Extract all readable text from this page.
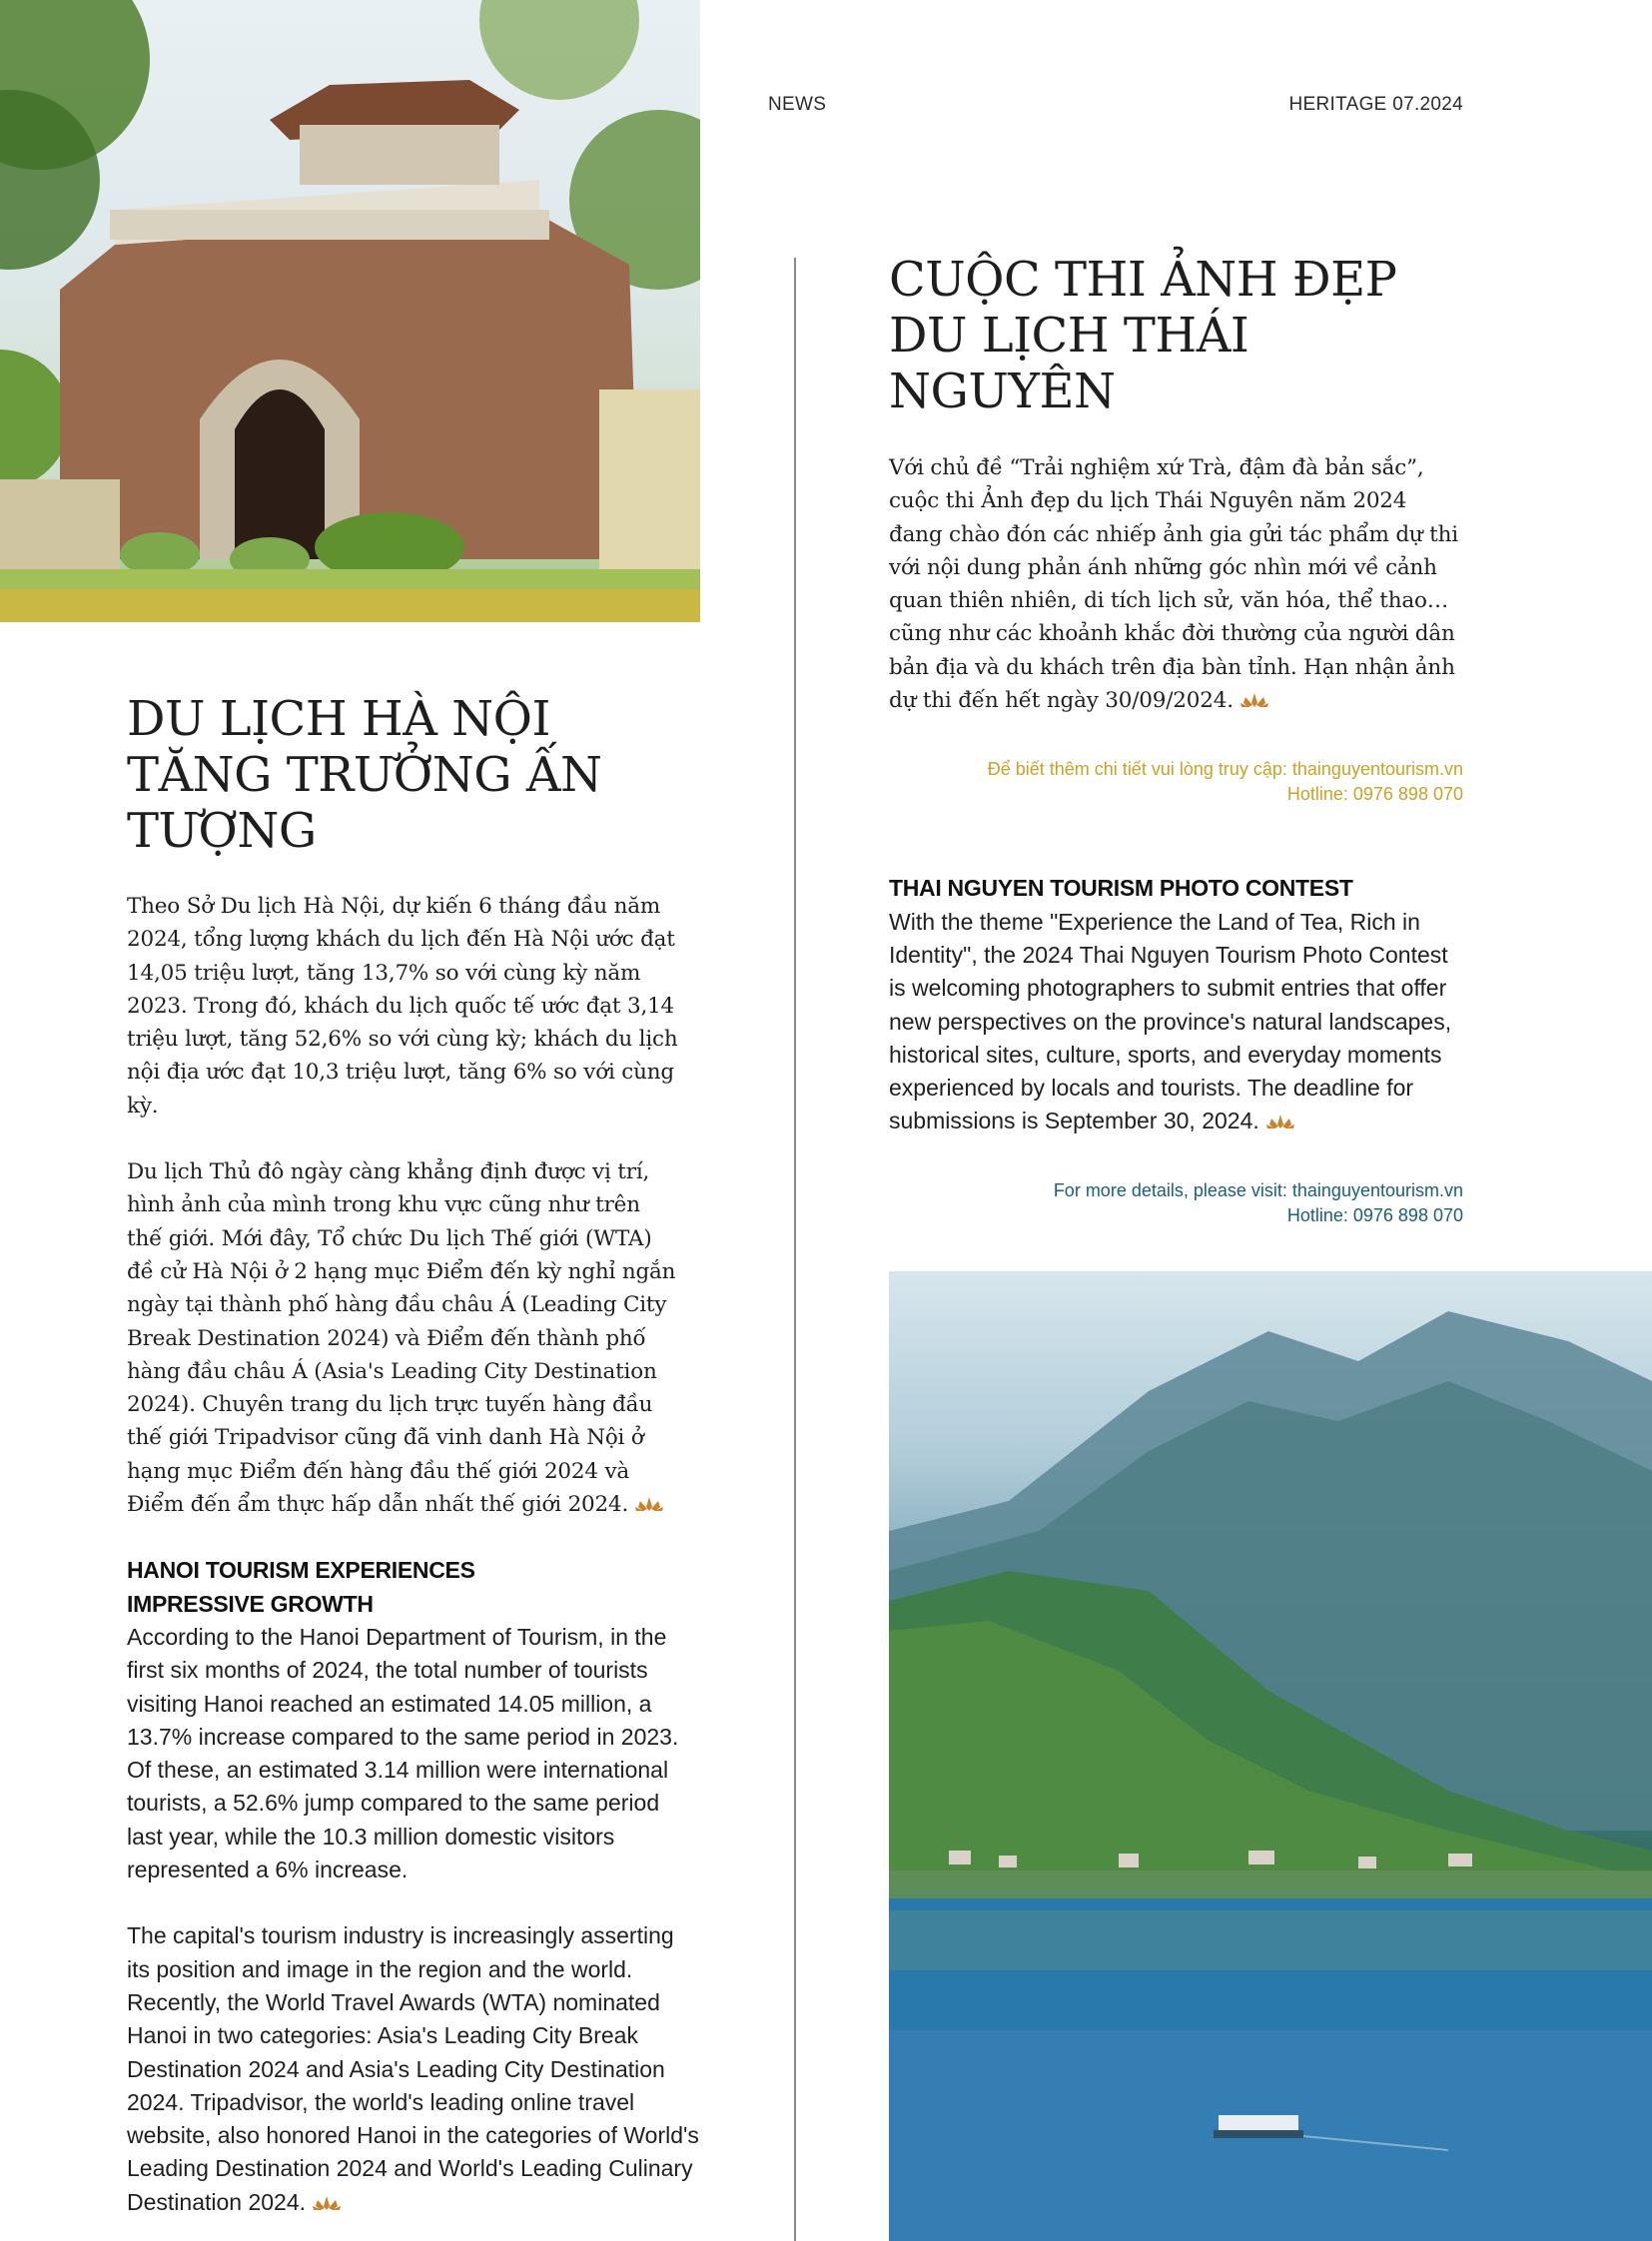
NEWS	HERITAGE 07.2024
DU LỊCH HÀ NỘI
TĂNG TRƯỞNG ẤN TƯỢNG

Theo Sở Du lịch Hà Nội, dự kiến 6 tháng đầu năm 2024, tổng lượng khách du lịch đến Hà Nội ước đạt 14,05 triệu lượt, tăng 13,7% so với cùng kỳ năm 2023. Trong đó, khách du lịch quốc tế ước đạt 3,14 triệu lượt, tăng 52,6% so với cùng kỳ; khách du lịch nội địa ước đạt 10,3 triệu lượt, tăng 6% so với cùng kỳ.

Du lịch Thủ đô ngày càng khẳng định được vị trí, hình ảnh của mình trong khu vực cũng như trên thế giới. Mới đây, Tổ chức Du lịch Thế giới (WTA) đề cử Hà Nội ở 2 hạng mục Điểm đến kỳ nghỉ ngắn ngày tại thành phố hàng đầu châu Á (Leading City Break Destination 2024) và Điểm đến thành phố hàng đầu châu Á (Asia's Leading City Destination 2024). Chuyên trang du lịch trực tuyến hàng đầu thế giới Tripadvisor cũng đã vinh danh Hà Nội ở hạng mục Điểm đến hàng đầu thế giới 2024 và Điểm đến ẩm thực hấp dẫn nhất thế giới 2024.

HANOI TOURISM EXPERIENCES
IMPRESSIVE GROWTH

According to the Hanoi Department of Tourism, in the first six months of 2024, the total number of tourists visiting Hanoi reached an estimated 14.05 million, a 13.7% increase compared to the same period in 2023. Of these, an estimated 3.14 million were international tourists, a 52.6% jump compared to the same period last year, while the 10.3 million domestic visitors represented a 6% increase.

The capital's tourism industry is increasingly asserting its position and image in the region and the world. Recently, the World Travel Awards (WTA) nominated Hanoi in two categories: Asia's Leading City Break Destination 2024 and Asia's Leading City Destination 2024. Tripadvisor, the world's leading online travel website, also honored Hanoi in the categories of World's Leading Destination 2024 and World's Leading Culinary Destination 2024.

CUỘC THI ẢNH ĐẸP
DU LỊCH THÁI NGUYÊN

Với chủ đề “Trải nghiệm xứ Trà, đậm đà bản sắc”, cuộc thi Ảnh đẹp du lịch Thái Nguyên năm 2024 đang chào đón các nhiếp ảnh gia gửi tác phẩm dự thi với nội dung phản ánh những góc nhìn mới về cảnh quan thiên nhiên, di tích lịch sử, văn hóa, thể thao… cũng như các khoảnh khắc đời thường của người dân bản địa và du khách trên địa bàn tỉnh. Hạn nhận ảnh dự thi đến hết ngày 30/09/2024.

Để biết thêm chi tiết vui lòng truy cập: thainguyentourism.vn
Hotline: 0976 898 070
THAI NGUYEN TOURISM PHOTO CONTEST

With the theme "Experience the Land of Tea, Rich in Identity", the 2024 Thai Nguyen Tourism Photo Contest is welcoming photographers to submit entries that offer new perspectives on the province's natural landscapes, historical sites, culture, sports, and everyday moments experienced by locals and tourists. The deadline for submissions is September 30, 2024.

For more details, please visit: thainguyentourism.vn
Hotline: 0976 898 070
